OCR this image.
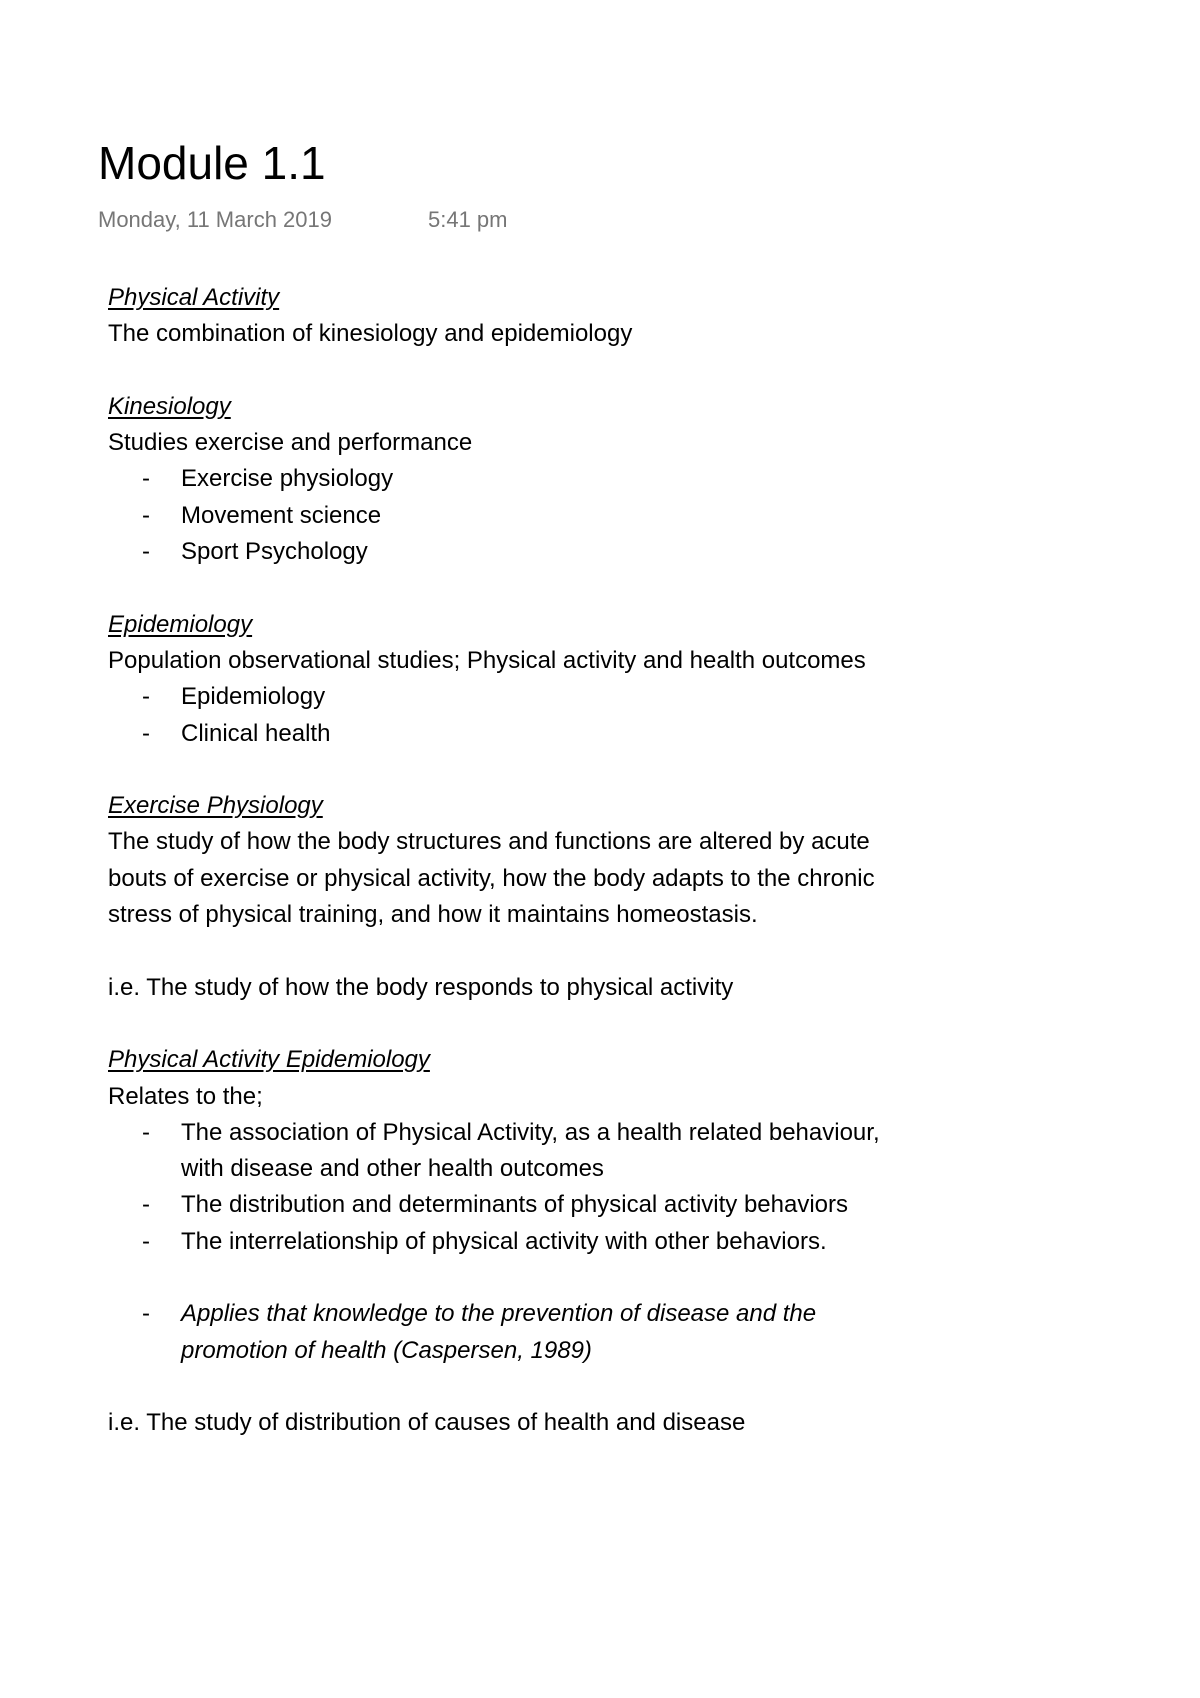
Module 1.1
Monday, 11 March 2019	5:41 pm
Physical Activity
The combination of kinesiology and epidemiology
Kinesiology
Studies exercise and performance
- Exercise physiology
- Movement science
- Sport Psychology
Epidemiology
Population observational studies; Physical activity and health outcomes
- Epidemiology
- Clinical health
Exercise Physiology
The study of how the body structures and functions are altered by acute bouts of exercise or physical activity, how the body adapts to the chronic stress of physical training, and how it maintains homeostasis.
i.e. The study of how the body responds to physical activity
Physical Activity Epidemiology
Relates to the;
- The association of Physical Activity, as a health related behaviour, with disease and other health outcomes
- The distribution and determinants of physical activity behaviors
- The interrelationship of physical activity with other behaviors.
- Applies that knowledge to the prevention of disease and the promotion of health (Caspersen, 1989)
i.e. The study of distribution of causes of health and disease
